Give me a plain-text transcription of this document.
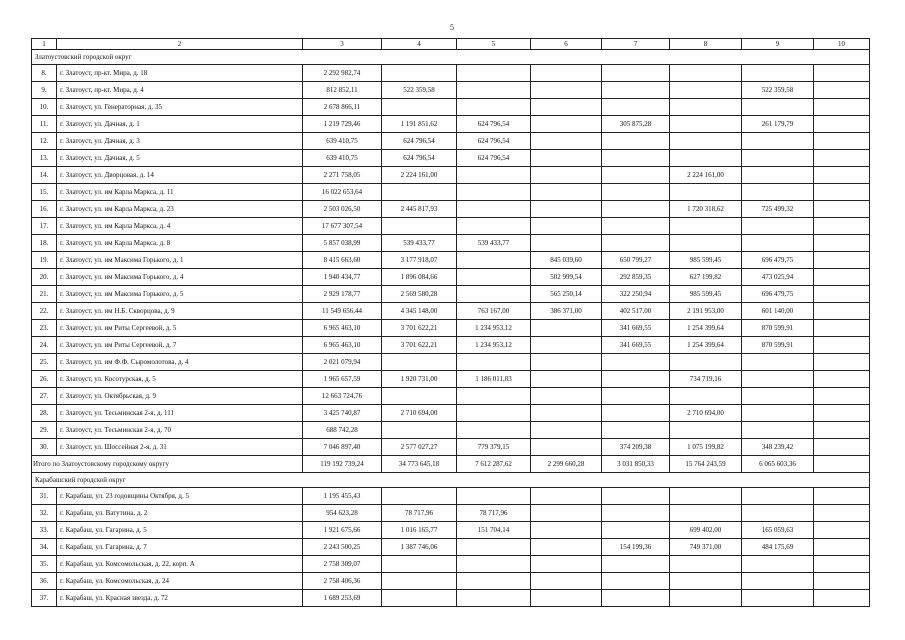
5
1	2	3	4	5	6	7	8	9	10
Златоустовский городской округ									
8.	г. Златоуст, пр-кт. Мира, д. 18	2 292 982,74							
9.	г. Златоуст, пр-кт. Мира, д. 4	812 852,11	522 359,58					522 359,58	
10.	г. Златоуст, ул. Генераторная, д. 35	2 678 866,11							
11.	г. Златоуст, ул. Дачная, д. 1	1 219 729,46	1 191 851,62	624 796,54		305 875,28		261 179,79	
12.	г. Златоуст, ул. Дачная, д. 3	639 410,75	624 796,54	624 796,54					
13.	г. Златоуст, ул. Дачная, д. 5	639 410,75	624 796,54	624 796,54					
14.	г. Златоуст, ул. Дворцовая, д. 14	2 271 758,05	2 224 161,00				2 224 161,00		
15.	г. Златоуст, ул. им Карла Маркса, д. 11	16 022 653,64							
16.	г. Златоуст, ул. им Карла Маркса, д. 23	2 503 026,50	2 445 817,93				1 720 318,62	725 499,32	
17.	г. Златоуст, ул. им Карла Маркса, д. 4	17 677 307,54							
18.	г. Златоуст, ул. им Карла Маркса, д. 8	5 857 038,99	539 433,77	539 433,77					
19.	г. Златоуст, ул. им Максима Горького, д. 1	8 415 663,60	3 177 918,07		845 039,60	650 799,27	985 599,45	696 479,75	
20.	г. Златоуст, ул. им Максима Горького, д. 4	1 940 434,77	1 896 084,66		502 999,54	292 859,35	627 199,82	473 025,94	
21.	г. Златоуст, ул. им Максима Горького, д. 5	2 929 178,77	2 569 580,28		565 250,14	322 250,94	985 599,45	696 479,75	
22.	г. Златоуст, ул. им Н.Б. Скворцова, д. 9	11 549 656,44	4 345 148,00	763 167,00	386 371,00	402 517,00	2 191 953,00	601 140,00	
23.	г. Златоуст, ул. им Риты Сергеевой, д. 5	6 965 463,10	3 701 622,21	1 234 953,12		341 669,55	1 254 399,64	870 599,91	
24.	г. Златоуст, ул. им Риты Сергеевой, д. 7	6 965 463,10	3 701 622,21	1 234 953,12		341 669,55	1 254 399,64	870 599,91	
25.	г. Златоуст, ул. им Ф.Ф. Сыромолотова, д. 4	2 021 079,94							
26.	г. Златоуст, ул. Косотурская, д. 5	1 965 657,59	1 920 731,00	1 186 011,83			734 719,16		
27.	г. Златоуст, ул. Октябрьская, д. 9	12 663 724,76							
28.	г. Златоуст, ул. Тесьминская 2-я, д. 111	3 425 740,87	2 710 694,00				2 710 694,00		
29.	г. Златоуст, ул. Тесьминская 2-я, д. 70	688 742,28							
30.	г. Златоуст, ул. Шоссейная 2-я, д. 31	7 046 897,40	2 577 027,27	779 379,15		374 209,38	1 075 199,82	348 239,42	
Итого по Златоустовскому городскому округу		119 192 739,24	34 773 645,18	7 612 287,62	2 299 660,28	3 031 850,33	15 764 243,59	6 065 603,36	
Карабашский городской округ									
31.	г. Карабаш, ул. 23 годовщины Октября, д. 5	1 195 455,43							
32.	г. Карабаш, ул. Ватутина, д. 2	954 623,28	78 717,96	78 717,96					
33.	г. Карабаш, ул. Гагарина, д. 5	1 921 675,66	1 016 165,77	151 704,14			699 402,00	165 059,63	
34.	г. Карабаш, ул. Гагарина, д. 7	2 243 500,25	1 387 746,06			154 199,36	749 371,00	484 175,69	
35.	г. Карабаш, ул. Комсомольская, д. 22, корп. А	2 758 309,07							
36.	г. Карабаш, ул. Комсомольская, д. 24	2 758 406,36							
37.	г. Карабаш, ул. Красная звезда, д. 72	1 689 253,69							
